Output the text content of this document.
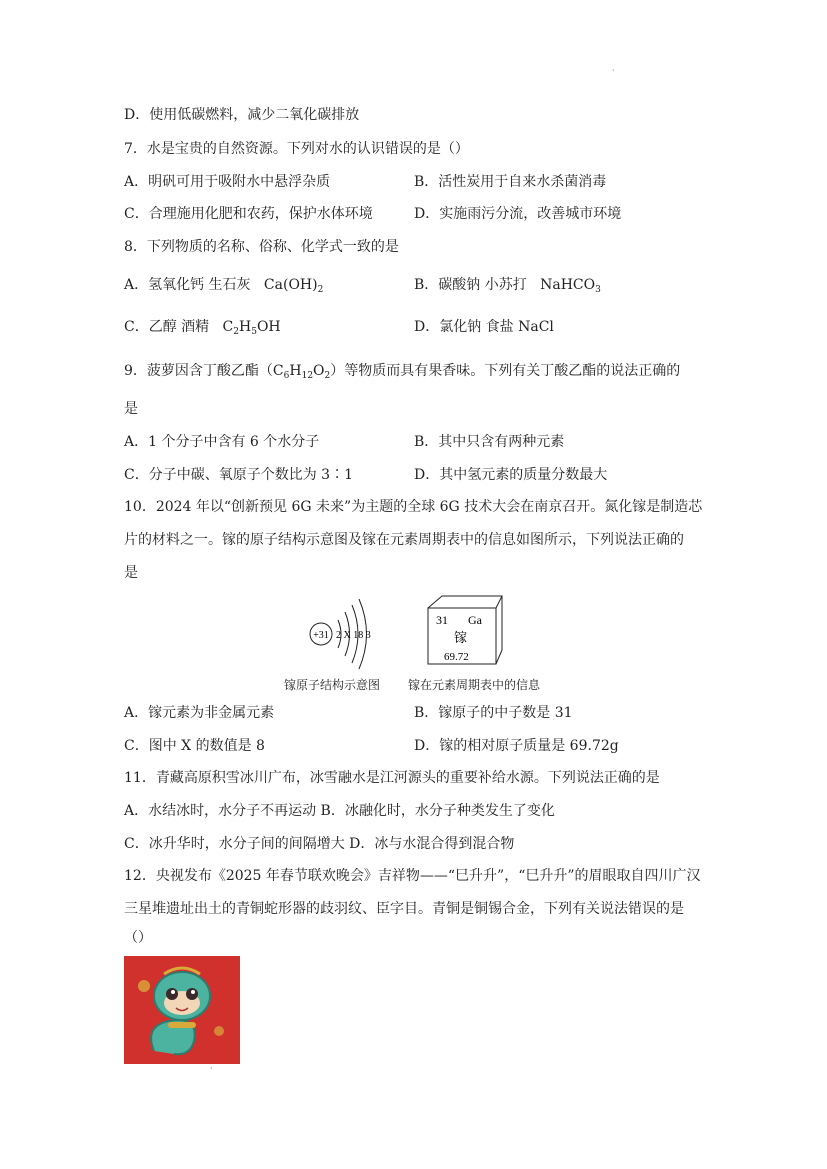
·
D．使用低碳燃料，减少二氧化碳排放
7．水是宝贵的自然资源。下列对水的认识错误的是（）
A．明矾可用于吸附水中悬浮杂质	B．活性炭用于自来水杀菌消毒
C．合理施用化肥和农药，保护水体环境	D．实施雨污分流，改善城市环境
8．下列物质的名称、俗称、化学式一致的是
A．氢氧化钙 生石灰 $Ca(OH)_2$	B．碳酸钠 小苏打 NaHCO$_3$
C．乙醇 酒精 $C_2H_5OH$	D．氯化钠 食盐 NaCl
9．菠萝因含丁酸乙酯$(C_6H_{12}O_2)$等物质而具有果香味。下列有关丁酸乙酯的说法正确的
是
A．1 个分子中含有 6 个水分子	B．其中只含有两种元素
C．分子中碳、氧原子个数比为 3∶1	D．其中氢元素的质量分数最大
10．2024 年以“创新预见 6G 未来”为主题的全球 6G 技术大会在南京召开。氮化镓是制造芯
片的材料之一。镓的原子结构示意图及镓在元素周期表中的信息如图所示，下列说法正确的
是
+31 2 X 18 3
31 Ga
镓
69.72
镓原子结构示意图 镓在元素周期表中的信息
A．镓元素为非金属元素	B．镓原子的中子数是 31
C．图中 X 的数值是 8	D．镓的相对原子质量是 69.72g
11．青藏高原积雪冰川广布，冰雪融水是江河源头的重要补给水源。下列说法正确的是
A．水结冰时，水分子不再运动 B．冰融化时，水分子种类发生了变化
C．冰升华时，水分子间的间隔增大 D．冰与水混合得到混合物
12．央视发布《2025 年春节联欢晚会》吉祥物——“巳升升”，“巳升升”的眉眼取自四川广汉
三星堆遗址出土的青铜蛇形器的歧羽纹、臣字目。青铜是铜锡合金，下列有关说法错误的是
（）
·
